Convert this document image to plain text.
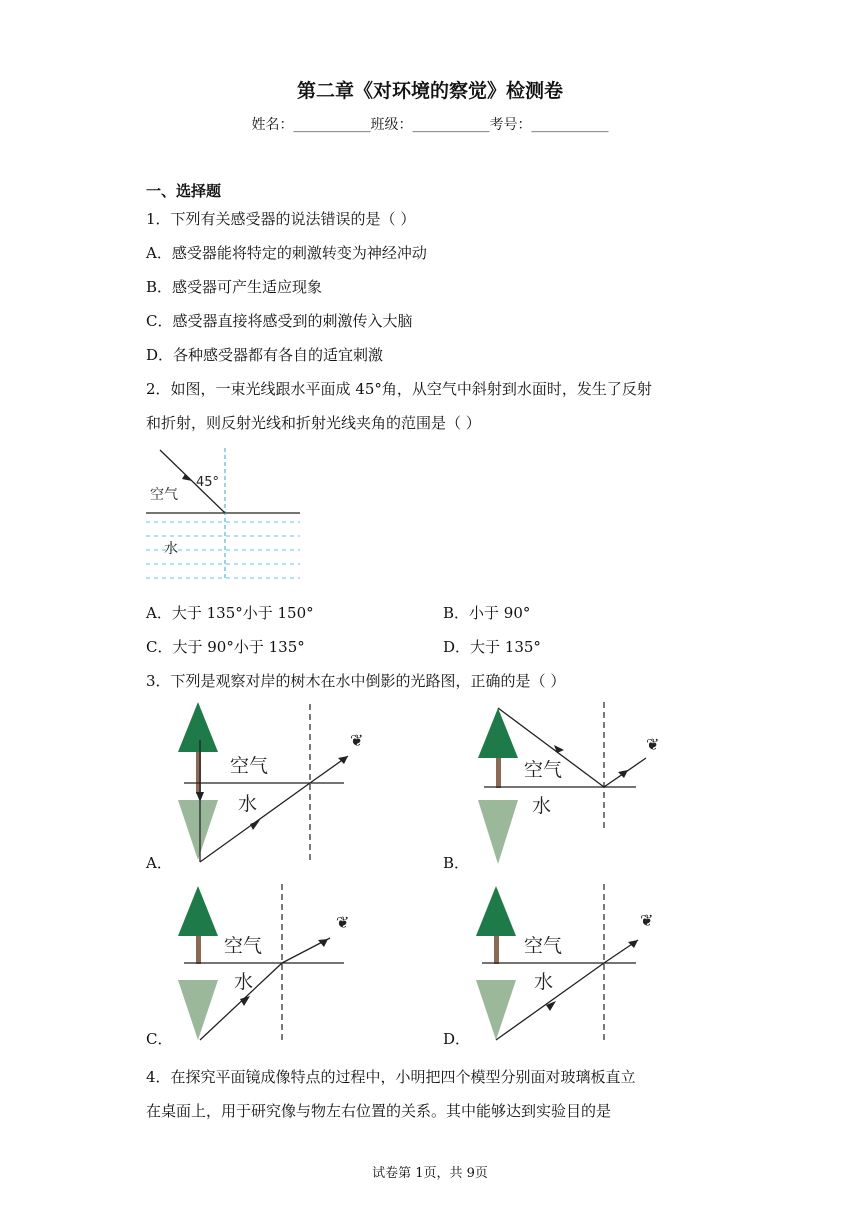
第二章《对环境的察觉》检测卷
姓名：___________班级：___________考号：___________
一、选择题
1．下列有关感受器的说法错误的是（ ）
A．感受器能将特定的刺激转变为神经冲动
B．感受器可产生适应现象
C．感受器直接将感受到的刺激传入大脑
D．各种感受器都有各自的适宜刺激
2．如图，一束光线跟水平面成 45°角，从空气中斜射到水面时，发生了反射
和折射，则反射光线和折射光线夹角的范围是（ ）
45°
空气
水
A．大于 135°小于 150°	B．小于 90°
C．大于 90°小于 135°	D．大于 135°
3．下列是观察对岸的树木在水中倒影的光路图，正确的是（ ）
❦
空气
水
A．
❦
空气
水
B．
❦
空气
水
C．
❦
空气
水
D．
4．在探究平面镜成像特点的过程中，小明把四个模型分别面对玻璃板直立
在桌面上，用于研究像与物左右位置的关系。其中能够达到实验目的是
试卷第 1页，共 9页
